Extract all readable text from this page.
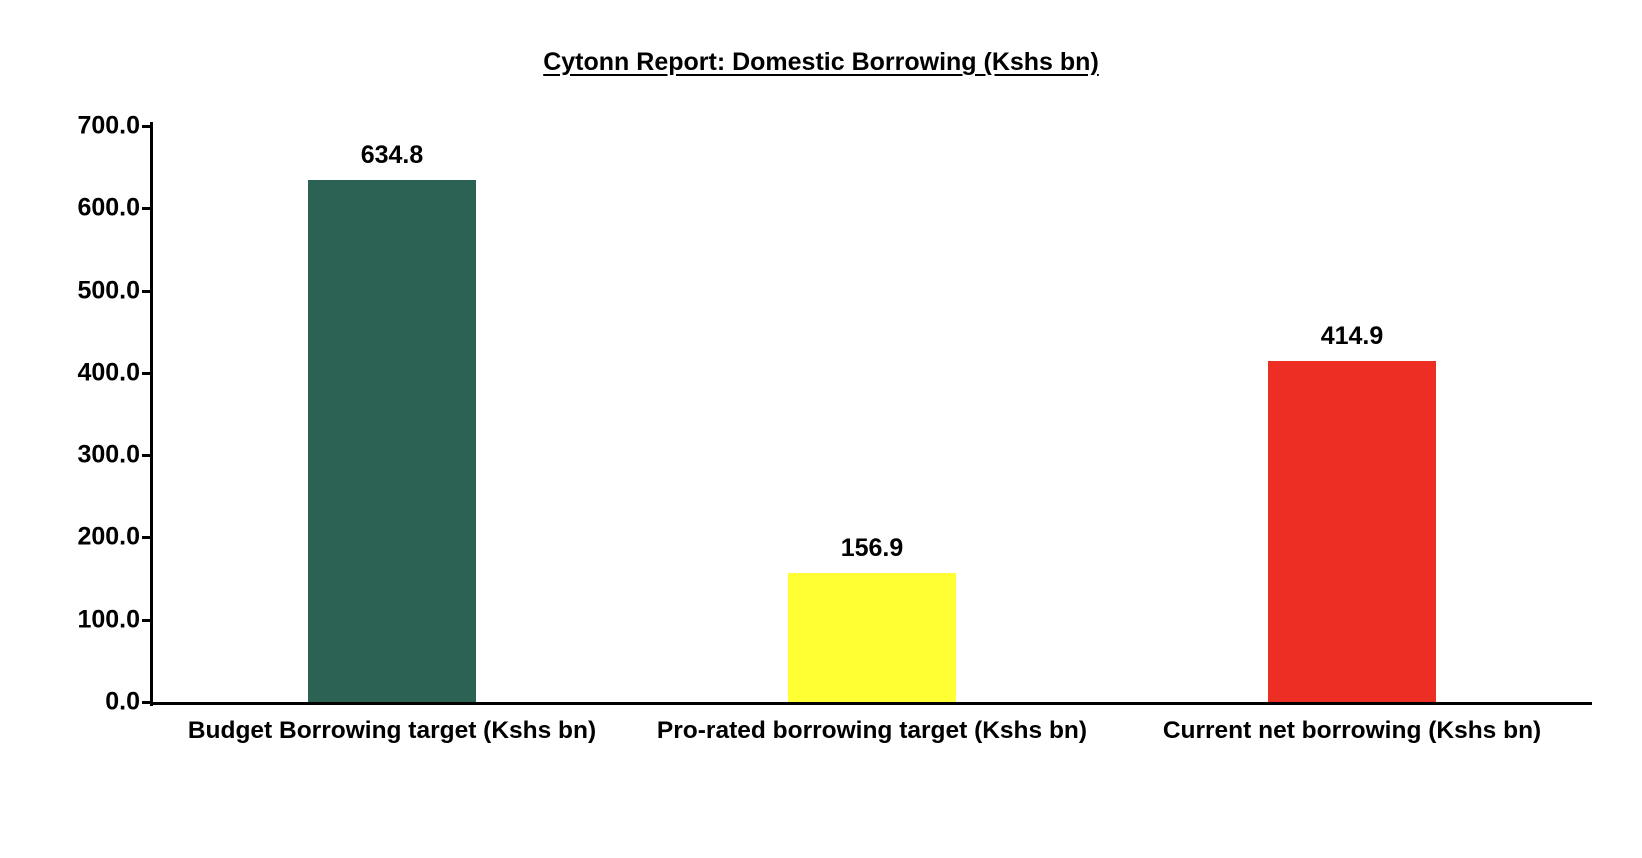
Cytonn Report: Domestic Borrowing (Kshs bn)
0.0
100.0
200.0
300.0
400.0
500.0
600.0
700.0
634.8
156.9
414.9
Budget Borrowing target (Kshs bn)	Pro-rated borrowing target (Kshs bn)	Current net borrowing (Kshs bn)
